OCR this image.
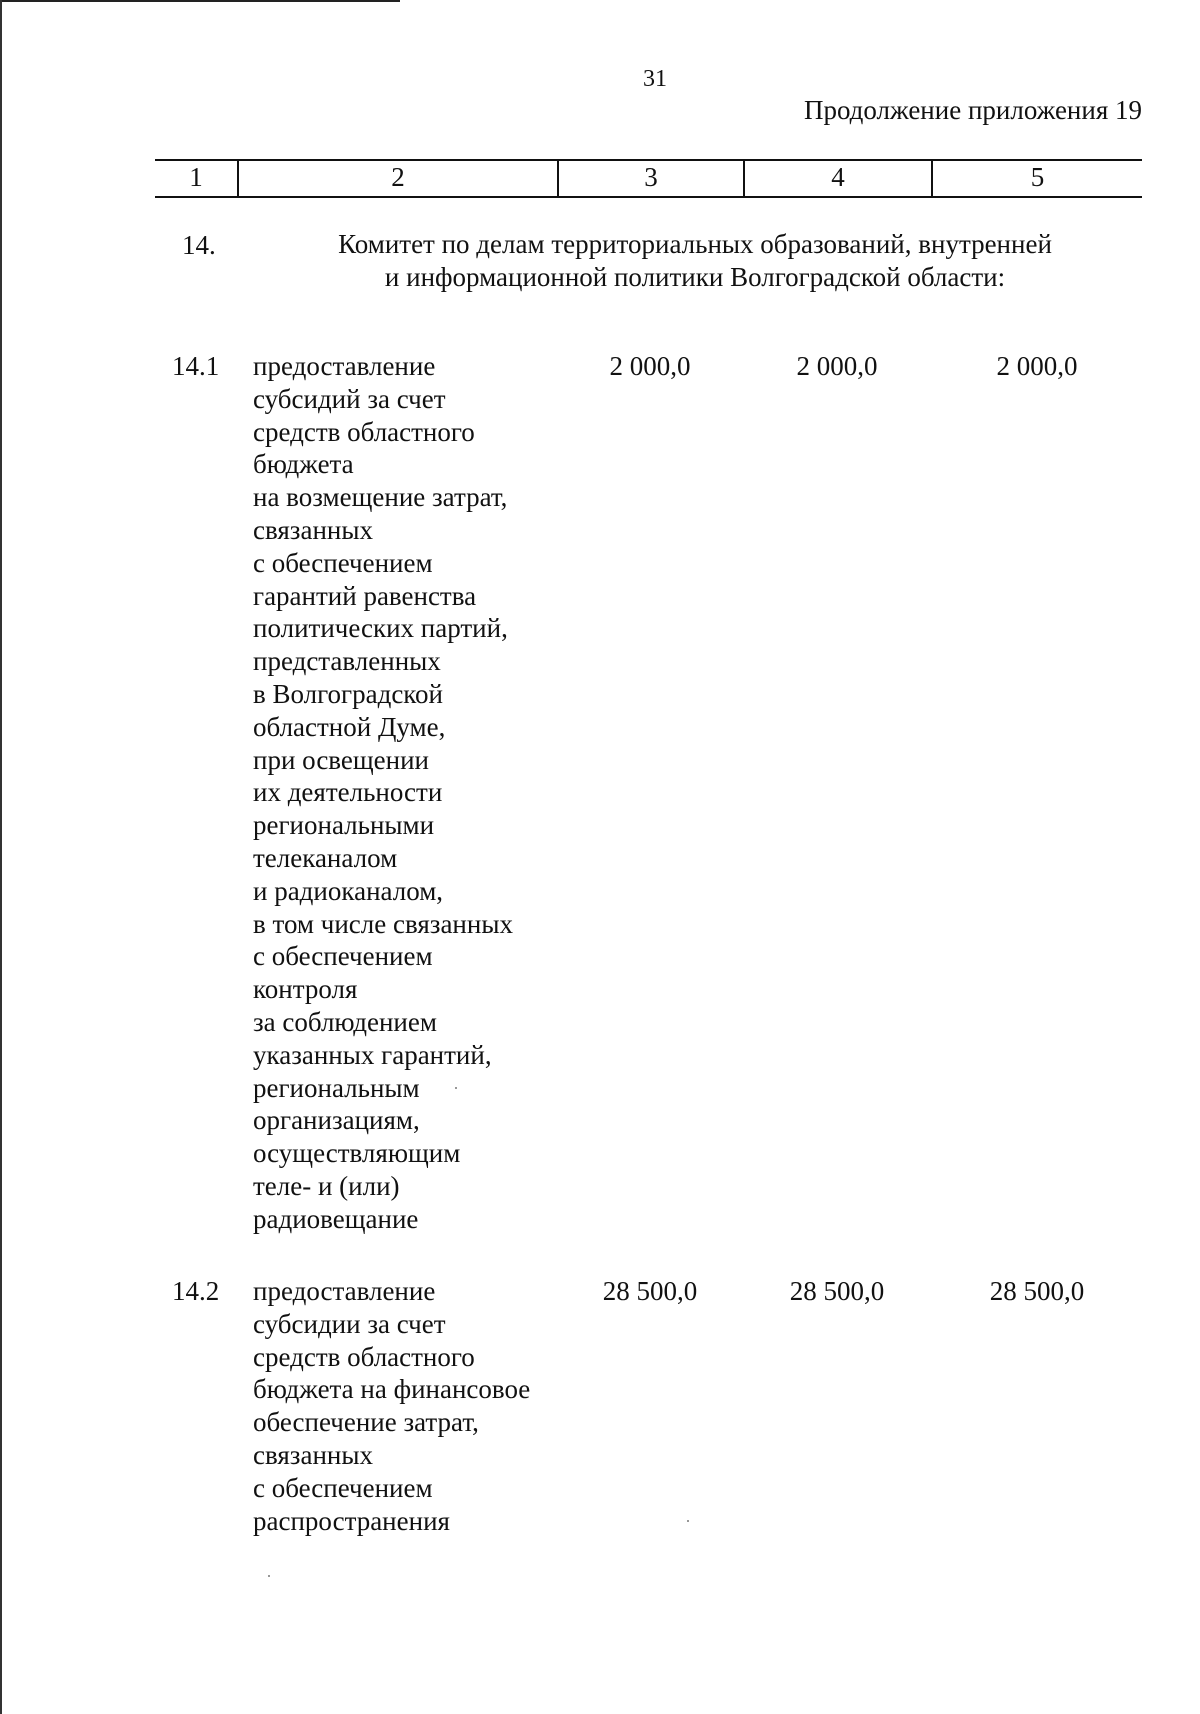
31
Продолжение приложения 19
1	2	3	4	5
14.	Комитет по делам территориальных образований, внутренней
и информационной политики Волгоградской области:
14.1 предоставление
субсидий за счет
средств областного
бюджета
на возмещение затрат,
связанных
с обеспечением
гарантий равенства
политических партий,
представленных
в Волгоградской
областной Думе,
при освещении
их деятельности
региональными
телеканалом
и радиоканалом,
в том числе связанных
с обеспечением
контроля
за соблюдением
указанных гарантий,
региональным
организациям,
осуществляющим
теле- и (или)
радиовещание
2 000,0	2 000,0	2 000,0
14.2 предоставление
субсидии за счет
средств областного
бюджета на финансовое
обеспечение затрат,
связанных
с обеспечением
распространения
28 500,0	28 500,0	28 500,0
